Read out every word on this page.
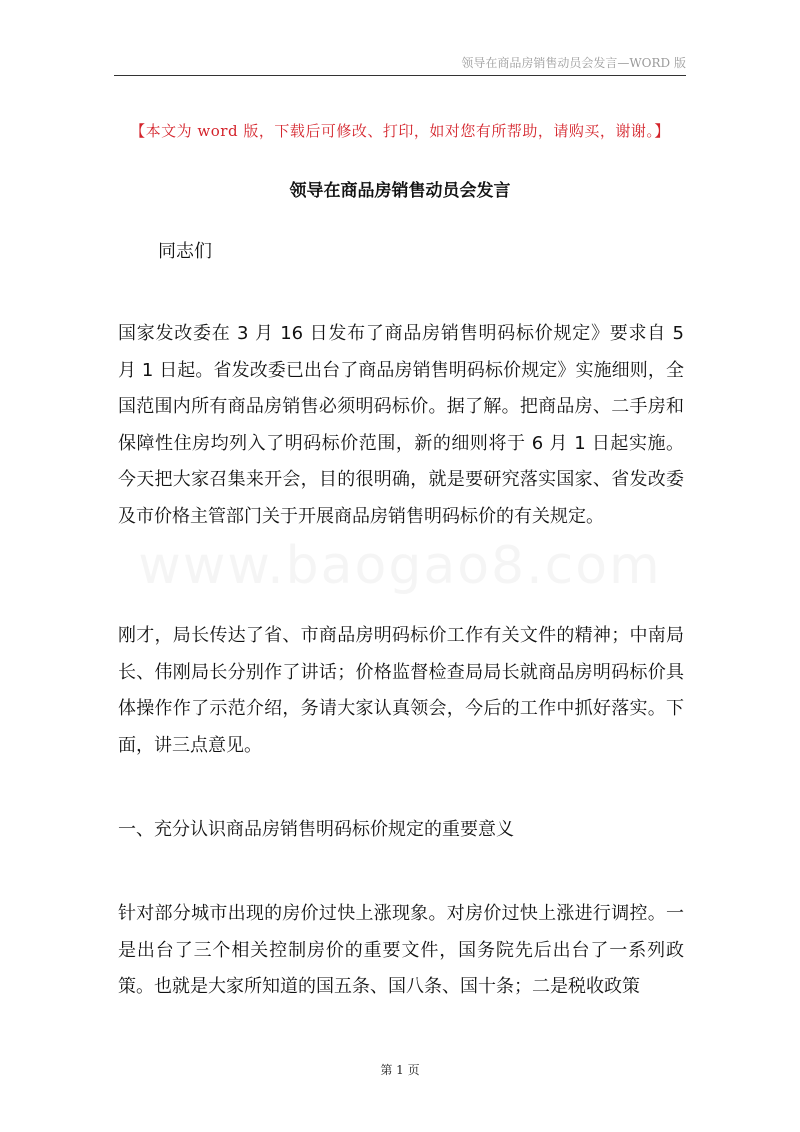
领导在商品房销售动员会发言—WORD 版
www.baogao8.com
【本文为 word 版，下载后可修改、打印，如对您有所帮助，请购买，谢谢。】
领导在商品房销售动员会发言
同志们
国家发改委在 3 月 16 日发布了商品房销售明码标价规定》要求自 5 月 1 日起。省发改委已出台了商品房销售明码标价规定》实施细则，全国范围内所有商品房销售必须明码标价。据了解。把商品房、二手房和保障性住房均列入了明码标价范围，新的细则将于 6 月 1 日起实施。今天把大家召集来开会，目的很明确，就是要研究落实国家、省发改委及市价格主管部门关于开展商品房销售明码标价的有关规定。
刚才，局长传达了省、市商品房明码标价工作有关文件的精神；中南局长、伟刚局长分别作了讲话；价格监督检查局局长就商品房明码标价具体操作作了示范介绍，务请大家认真领会，今后的工作中抓好落实。下面，讲三点意见。
一、充分认识商品房销售明码标价规定的重要意义
针对部分城市出现的房价过快上涨现象。对房价过快上涨进行调控。一是出台了三个相关控制房价的重要文件，国务院先后出台了一系列政策。也就是大家所知道的国五条、国八条、国十条；二是税收政策
第 1 页
